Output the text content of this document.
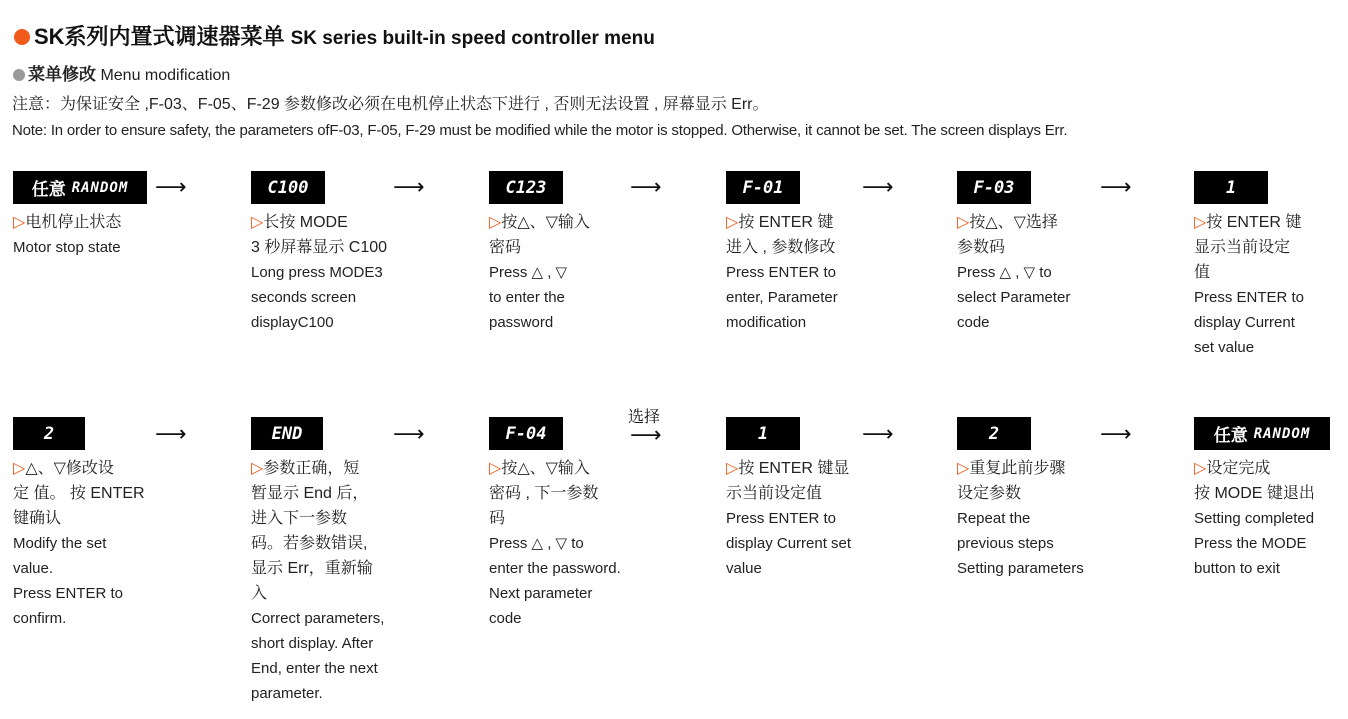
SK系列内置式调速器菜单 SK series built-in speed controller menu
菜单修改 Menu modification
注意：为保证安全 ,F-03、F-05、F-29 参数修改必须在电机停止状态下进行 , 否则无法设置 , 屏幕显示 Err。
Note: In order to ensure safety, the parameters ofF-03, F-05, F-29 must be modified while the motor is stopped. Otherwise, it cannot be set. The screen displays Err.
任意 RANDOM	C100	C123	F-01	F-03	1
⟶	⟶	⟶	⟶	⟶
▷电机停止状态
Motor stop state
▷长按 MODE
3 秒屏幕显示 C100
Long press MODE3
seconds screen
displayC100
▷按△、▽输入
密码
Press △ , ▽
to enter the
password
▷按 ENTER 键
进入 , 参数修改
Press ENTER to
enter, Parameter
modification
▷按△、▽选择
参数码
Press △ , ▽ to
select Parameter
code
▷按 ENTER 键
显示当前设定
值
Press ENTER to
display Current
set value
2	END	F-04	1	2	任意 RANDOM
⟶	⟶
选择
⟶	⟶	⟶
▷△、▽修改设
定 值。 按 ENTER
键确认
Modify the set
value.
Press ENTER to
confirm.
▷参数正确，短
暂显示 End 后，
进入下一参数
码。若参数错误,
显示 Err，重新输
入
Correct parameters,
short display. After
End, enter the next
parameter.
▷按△、▽输入
密码 , 下一参数
码
Press △ , ▽ to
enter the password.
Next parameter
code
▷按 ENTER 键显
示当前设定值
Press ENTER to
display Current set
value
▷重复此前步骤
设定参数
Repeat the
previous steps
Setting parameters
▷设定完成
按 MODE 键退出
Setting completed
Press the MODE
button to exit
